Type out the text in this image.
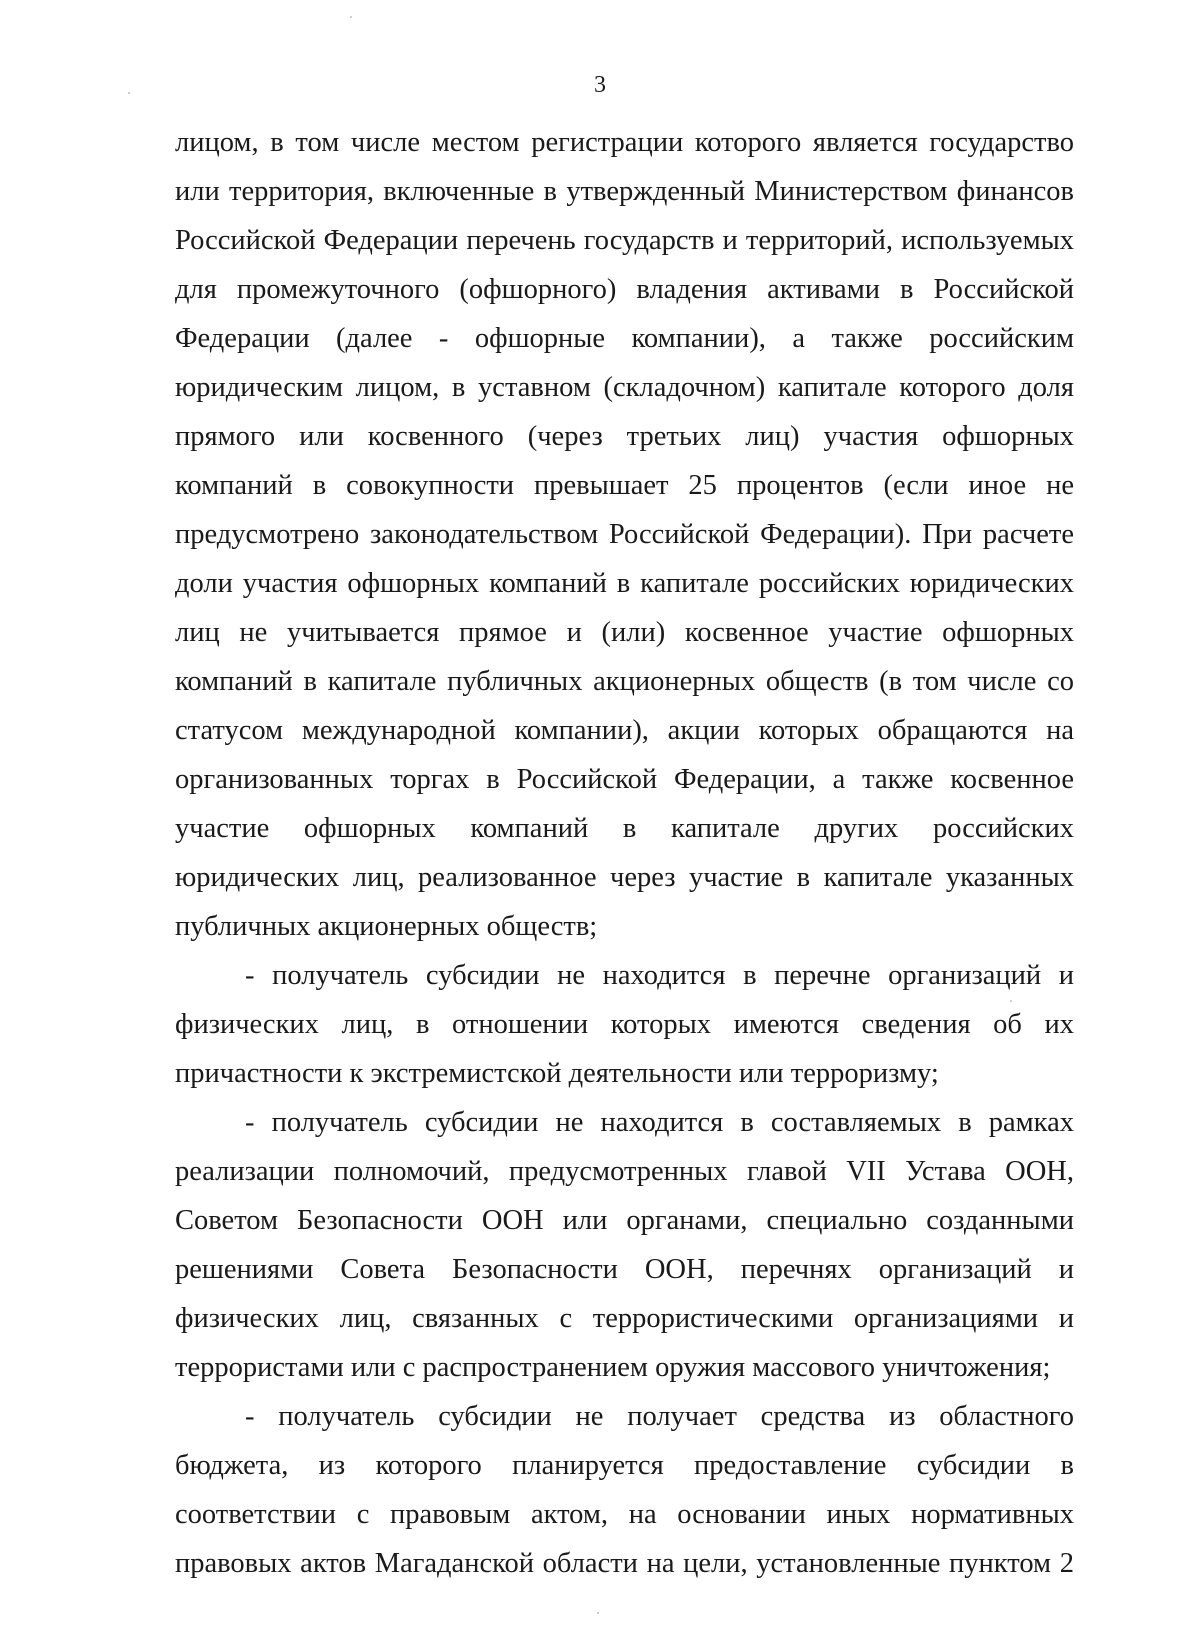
3

лицом, в том числе местом регистрации которого является государство или территория, включенные в утвержденный Министерством финансов Российской Федерации перечень государств и территорий, используемых для промежуточного (офшорного) владения активами в Российской Федерации (далее - офшорные компании), а также российским юридическим лицом, в уставном (складочном) капитале которого доля прямого или косвенного (через третьих лиц) участия офшорных компаний в совокупности превышает 25 процентов (если иное не предусмотрено законодательством Российской Федерации). При расчете доли участия офшорных компаний в капитале российских юридических лиц не учитывается прямое и (или) косвенное участие офшорных компаний в капитале публичных акционерных обществ (в том числе со статусом международной компании), акции которых обращаются на организованных торгах в Российской Федерации, а также косвенное участие офшорных компаний в капитале других российских юридических лиц, реализованное через участие в капитале указанных публичных акционерных обществ;

- получатель субсидии не находится в перечне организаций и физических лиц, в отношении которых имеются сведения об их причастности к экстремистской деятельности или терроризму;

- получатель субсидии не находится в составляемых в рамках реализации полномочий, предусмотренных главой VII Устава ООН, Советом Безопасности ООН или органами, специально созданными решениями Совета Безопасности ООН, перечнях организаций и физических лиц, связанных с террористическими организациями и террористами или с распространением оружия массового уничтожения;

- получатель субсидии не получает средства из областного бюджета, из которого планируется предоставление субсидии в соответствии с правовым актом, на основании иных нормативных правовых актов Магаданской области на цели, установленные пунктом 2
